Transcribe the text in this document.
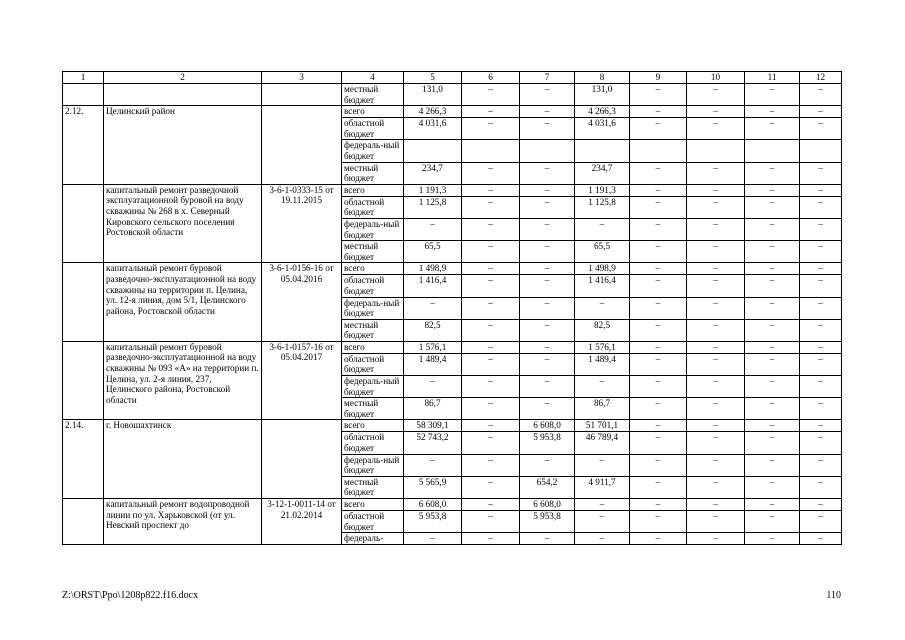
1	2	3	4	5	6	7	8	9	10	11	12
			местный бюджет	131,0	–	–	131,0	–	–	–	–
2.12.	Целинский район		всего	4 266,3	–	–	4 266,3	–	–	–	–
			областной бюджет	4 031,6	–	–	4 031,6	–	–	–	–
			федераль-ный бюджет								
			местный бюджет	234,7	–	–	234,7	–	–	–	–
	капитальный ремонт разведочной эксплуатационной буровой на воду скважины № 268 в х. Северный Кировского сельского поселения Ростовской области	3-6-1-0333-15 от 19.11.2015	всего	1 191,3	–	–	1 191,3	–	–	–	–
			областной бюджет	1 125,8	–	–	1 125,8	–	–	–	–
			федераль-ный бюджет	–	–	–	–	–	–	–	–
			местный бюджет	65,5	–	–	65,5	–	–	–	–
	капитальный ремонт буровой разведочно-эксплуатационной на воду скважины на территории п. Целина, ул. 12-я линия, дом 5/1, Целинского района, Ростовской области	3-6-1-0156-16 от 05.04.2016	всего	1 498,9	–	–	1 498,9	–	–	–	–
			областной бюджет	1 416,4	–	–	1 416,4	–	–	–	–
			федераль-ный бюджет	–	–	–	–	–	–	–	–
			местный бюджет	82,5	–	–	82,5	–	–	–	–
	капитальный ремонт буровой разведочно-эксплуатационной на воду скважины № 093 «А» на территории п. Целина, ул. 2-я линия, 237, Целинского района, Ростовской области	3-6-1-0157-16 от 05.04.2017	всего	1 576,1	–	–	1 576,1	–	–	–	–
			областной бюджет	1 489,4	–	–	1 489,4	–	–	–	–
			федераль-ный бюджет	–	–	–	–	–	–	–	–
			местный бюджет	86,7	–	–	86,7	–	–	–	–
2.14.	г. Новошахтинск		всего	58 309,1	–	6 608,0	51 701,1	–	–	–	–
			областной бюджет	52 743,2	–	5 953,8	46 789,4	–	–	–	–
			федераль-ный бюджет	–	–	–	–	–	–	–	–
			местный бюджет	5 565,9	–	654,2	4 911,7	–	–	–	–
	капитальный ремонт водопроводной линии по ул. Харьковской (от ул. Невский проспект до	3-12-1-0011-14 от 21.02.2014	всего	6 608,0	–	6 608,0	–	–	–	–	–
			областной бюджет	5 953,8	–	5 953,8	–	–	–	–	–
			федераль-	–	–	–	–	–	–	–	–
Z:\ORST\Ppo\1208p822.f16.docx	110
